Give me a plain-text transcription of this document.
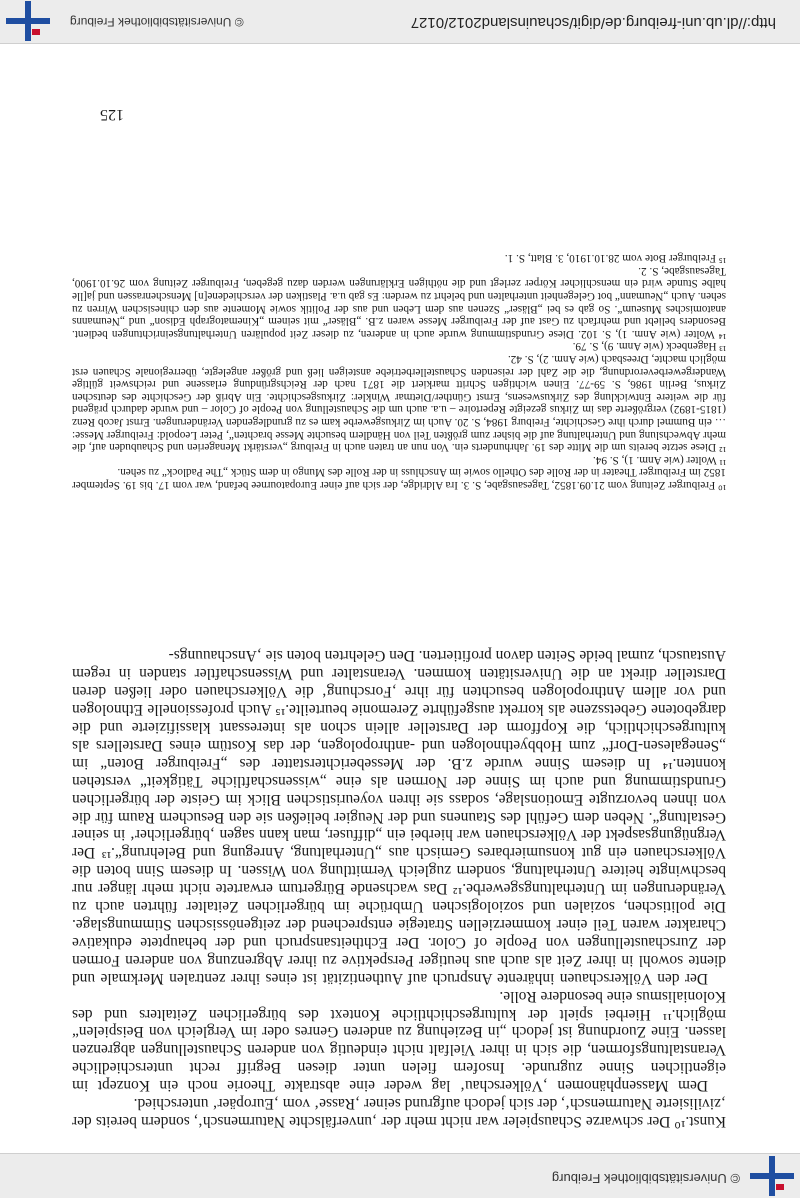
© Universitätsbibliothek Freiburg

Kunst.¹⁰ Der schwarze Schauspieler war nicht mehr der ‚unverfälschte Naturmensch‘, sondern bereits der ‚zivilisierte Naturmensch‘, der sich jedoch aufgrund seiner ‚Rasse‘ vom ‚Europäer‘ unterschied.

Dem Massenphänomen ‚Völkerschau‘ lag weder eine abstrakte Theorie noch ein Konzept im eigentlichen Sinne zugrunde. Insofern fielen unter diesen Begriff recht unterschiedliche Veranstaltungsformen, die sich in ihrer Vielfalt nicht eindeutig von anderen Schaustellungen abgrenzen lassen. Eine Zuordnung ist jedoch „in Beziehung zu anderen Genres oder im Vergleich von Beispielen“ möglich.¹¹ Hierbei spielt der kulturgeschichtliche Kontext des bürgerlichen Zeitalters und des Kolonialismus eine besondere Rolle.

Der den Völkerschauen inhärente Anspruch auf Authentizität ist eines ihrer zentralen Merkmale und diente sowohl in ihrer Zeit als auch aus heutiger Perspektive zu ihrer Abgrenzung von anderen Formen der Zurschaustellungen von People of Color. Der Echtheitsanspruch und der behauptete edukative Charakter waren Teil einer kommerziellen Strategie entsprechend der zeitgenössischen Stimmungslage. Die politischen, sozialen und soziologischen Umbrüche im bürgerlichen Zeitalter führten auch zu Veränderungen im Unterhaltungsgewerbe.¹² Das wachsende Bürgertum erwartete nicht mehr länger nur beschwingte heitere Unterhaltung, sondern zugleich Vermittlung von Wissen. In diesem Sinn boten die Völkerschauen ein gut konsumierbares Gemisch aus „Unterhaltung, Anregung und Belehrung“.¹³ Der Vergnügungsaspekt der Völkerschauen war hierbei ein „diffuser, man kann sagen ‚bürgerlicher‘ in seiner Gestaltung“. Neben dem Gefühl des Staunens und der Neugier beließen sie den Besuchern Raum für die von ihnen bevorzugte Emotionslage, sodass sie ihren voyeuristischen Blick im Geiste der bürgerlichen Grundstimmung und auch im Sinne der Normen als eine „wissenschaftliche Tätigkeit“ verstehen konnten.¹⁴ In diesem Sinne wurde z.B. der Messeberichterstatter des „Freiburger Boten“ im „Senegalesen-Dorf“ zum Hobbyethnologen und -anthropologen, der das Kostüm eines Darstellers als kulturgeschichtlich, die Kopfform der Darsteller allein schon als interessant klassifizierte und die dargebotene Gebetsszene als korrekt ausgeführte Zeremonie beurteilte.¹⁵ Auch professionelle Ethnologen und vor allem Anthropologen besuchten für ihre ‚Forschung‘ die Völkerschauen oder ließen deren Darsteller direkt an die Universitäten kommen. Veranstalter und Wissenschaftler standen in regem Austausch, zumal beide Seiten davon profitierten. Den Gelehrten boten sie ‚Anschauungs-

¹⁰ Freiburger Zeitung vom 21.09.1852, Tagesausgabe, S. 3. Ira Aldridge, der sich auf einer Europatournee befand, war vom 17. bis 19. September 1852 im Freiburger Theater in der Rolle des Othello sowie im Anschluss in der Rolle des Mungo in dem Stück „The Padlock“ zu sehen.

¹¹ Wolter (wie Anm. 1), S. 94.

¹² Diese setzte bereits um die Mitte des 19. Jahrhunderts ein. Von nun an traten auch in Freiburg „verstärkt Menagerien und Schaubuden auf, die mehr Abwechslung und Unterhaltung auf die bisher zum größten Teil von Händlern besuchte Messe brachten“, Peter Leopold: Freiburger Messe: … ein Bummel durch ihre Geschichte, Freiburg 1984, S. 20. Auch im Zirkusgewerbe kam es zu grundlegenden Veränderungen. Ernst Jacob Renz (1815-1892) vergrößerte das im Zirkus gezeigte Repertoire – u.a. auch um die Schaustellung von People of Color – und wurde dadurch prägend für die weitere Entwicklung des Zirkuswesens, Ernst Günther/Dietmar Winkler: Zirkusgeschichte. Ein Abriß der Geschichte des deutschen Zirkus, Berlin 1986, S. 59-77. Einen wichtigen Schritt markiert die 1871 nach der Reichsgründung erlassene und reichsweit gültige Wandergewerbeverordnung, die die Zahl der reisenden Schaustellerbetriebe ansteigen ließ und größer angelegte, überregionale Schauen erst möglich machte, Dreesbach (wie Anm. 2), S. 42.

¹³ Hagenbeck (wie Anm. 9), S. 79.

¹⁴ Wolter (wie Anm. 1), S. 102. Diese Grundstimmung wurde auch in anderen, zu dieser Zeit populären Unterhaltungseinrichtungen bedient. Besonders beliebt und mehrfach zu Gast auf der Freiburger Messe waren z.B. „Bläser“ mit seinem „Kinematograph Edison“ und „Neumanns anatomisches Museum“. So gab es bei „Bläser“ Szenen aus dem Leben und aus der Politik sowie Momente aus den chinesischen Wirren zu sehen. Auch „Neumann“ bot Gelegenheit unterhalten und belehrt zu werden: Es gab u.a. Plastiken der verschiedene[n] Menschenrassen und ja[lle halbe Stunde wird ein menschlicher Körper zerlegt und die nöthigen Erklärungen werden dazu gegeben, Freiburger Zeitung vom 26.10.1900, Tagesausgabe, S. 2.

¹⁵ Freiburger Bote vom 28.10.1910, 3. Blatt, S. 1.

125
http://dl.ub.uni-freiburg.de/digit/schauinsland2012/0127
© Universitätsbibliothek Freiburg
